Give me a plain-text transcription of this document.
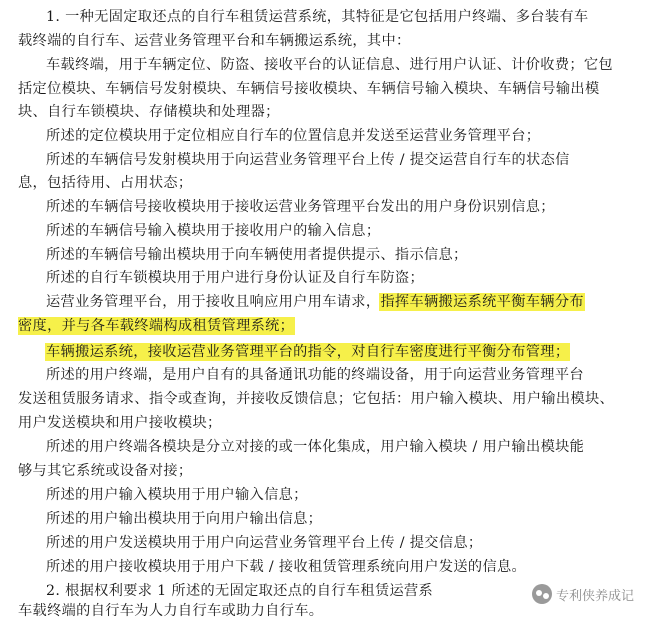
1. 一种无固定取还点的自行车租赁运营系统，其特征是它包括用户终端、多台装有车
载终端的自行车、运营业务管理平台和车辆搬运系统，其中：
车载终端，用于车辆定位、防盗、接收平台的认证信息、进行用户认证、计价收费；它包
括定位模块、车辆信号发射模块、车辆信号接收模块、车辆信号输入模块、车辆信号输出模
块、自行车锁模块、存储模块和处理器；
所述的定位模块用于定位相应自行车的位置信息并发送至运营业务管理平台；
所述的车辆信号发射模块用于向运营业务管理平台上传 / 提交运营自行车的状态信
息，包括待用、占用状态；
所述的车辆信号接收模块用于接收运营业务管理平台发出的用户身份识别信息；
所述的车辆信号输入模块用于接收用户的输入信息；
所述的车辆信号输出模块用于向车辆使用者提供提示、指示信息；
所述的自行车锁模块用于用户进行身份认证及自行车防盗；
运营业务管理平台，用于接收且响应用户用车请求，指挥车辆搬运系统平衡车辆分布
密度，并与各车载终端构成租赁管理系统；
车辆搬运系统，接收运营业务管理平台的指令，对自行车密度进行平衡分布管理；
所述的用户终端，是用户自有的具备通讯功能的终端设备，用于向运营业务管理平台
发送租赁服务请求、指令或查询，并接收反馈信息；它包括：用户输入模块、用户输出模块、
用户发送模块和用户接收模块；
所述的用户终端各模块是分立对接的或一体化集成，用户输入模块 / 用户输出模块能
够与其它系统或设备对接；
所述的用户输入模块用于用户输入信息；
所述的用户输出模块用于向用户输出信息；
所述的用户发送模块用于用户向运营业务管理平台上传 / 提交信息；
所述的用户接收模块用于用户下载 / 接收租赁管理系统向用户发送的信息。
2. 根据权利要求 1 所述的无固定取还点的自行车租赁运营系
车载终端的自行车为人力自行车或助力自行车。
专利侠养成记
